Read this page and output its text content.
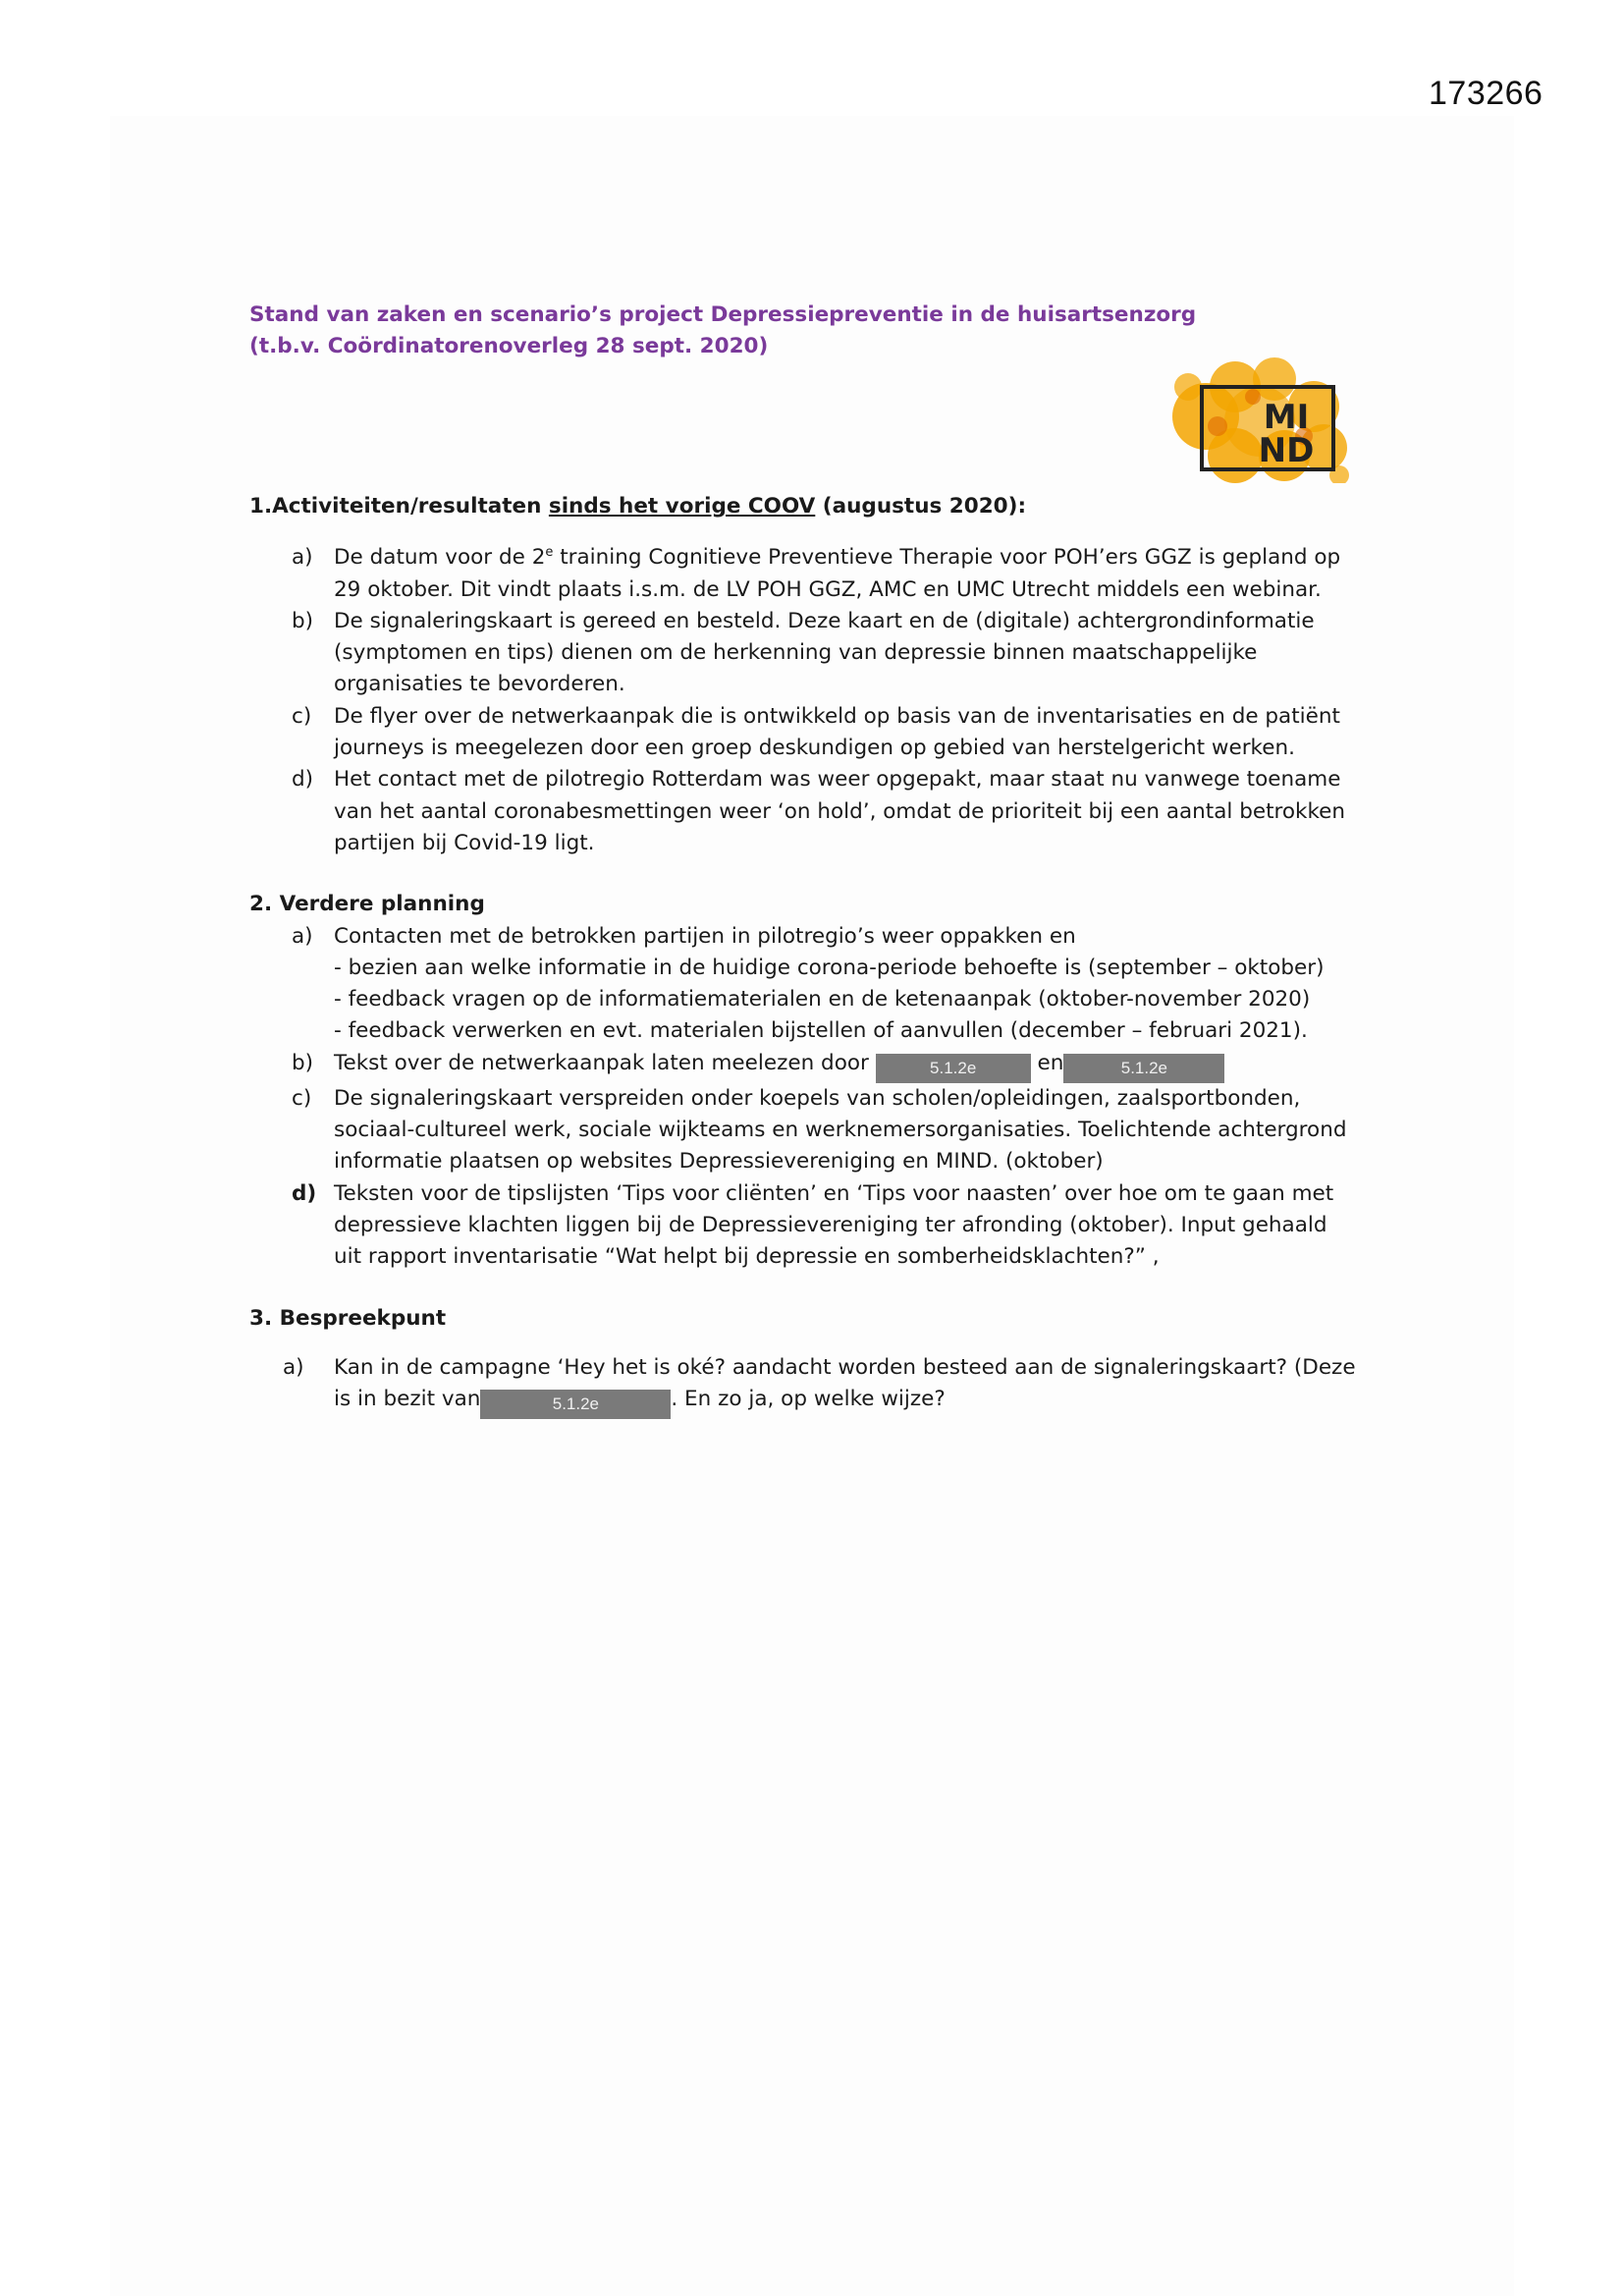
173266
Stand van zaken en scenario’s project Depressiepreventie in de huisartsenzorg
(t.b.v. Coördinatorenoverleg 28 sept. 2020)
MI
ND

1.Activiteiten/resultaten sinds het vorige COOV (augustus 2020):

a) De datum voor de 2e training Cognitieve Preventieve Therapie voor POH’ers GGZ is gepland op
29 oktober. Dit vindt plaats i.s.m. de LV POH GGZ, AMC en UMC Utrecht middels een webinar.
b) De signaleringskaart is gereed en besteld. Deze kaart en de (digitale) achtergrondinformatie
(symptomen en tips) dienen om de herkenning van depressie binnen maatschappelijke
organisaties te bevorderen.
c)	De flyer over de netwerkaanpak die is ontwikkeld op basis van de inventarisaties en de patiënt
journeys is meegelezen door een groep deskundigen op gebied van herstelgericht werken.
d) Het contact met de pilotregio Rotterdam was weer opgepakt, maar staat nu vanwege toename
van het aantal coronabesmettingen weer ‘on hold’, omdat de prioriteit bij een aantal betrokken
partijen bij Covid-19 ligt.

2. Verdere planning

a) Contacten met de betrokken partijen in pilotregio’s weer oppakken en
- bezien aan welke informatie in de huidige corona-periode behoefte is (september – oktober)
- feedback vragen op de informatiematerialen en de ketenaanpak (oktober-november 2020)
- feedback verwerken en evt. materialen bijstellen of aanvullen (december – februari 2021).
b) Tekst over de netwerkaanpak laten meelezen door	5.1.2e	en	5.1.2e
c)	De signaleringskaart verspreiden onder koepels van scholen/opleidingen, zaalsportbonden,
sociaal-cultureel werk, sociale wijkteams en werknemersorganisaties. Toelichtende achtergrond
informatie plaatsen op websites Depressievereniging en MIND. (oktober)
d) Teksten voor de tipslijsten ‘Tips voor cliënten’ en ‘Tips voor naasten’ over hoe om te gaan met
depressieve klachten liggen bij de Depressievereniging ter afronding (oktober). Input gehaald
uit rapport inventarisatie “Wat helpt bij depressie en somberheidsklachten?” ,

3. Bespreekpunt

a)	Kan in de campagne ‘Hey het is oké? aandacht worden besteed aan de signaleringskaart? (Deze
is in bezit van	5.1.2e	. En zo ja, op welke wijze?
